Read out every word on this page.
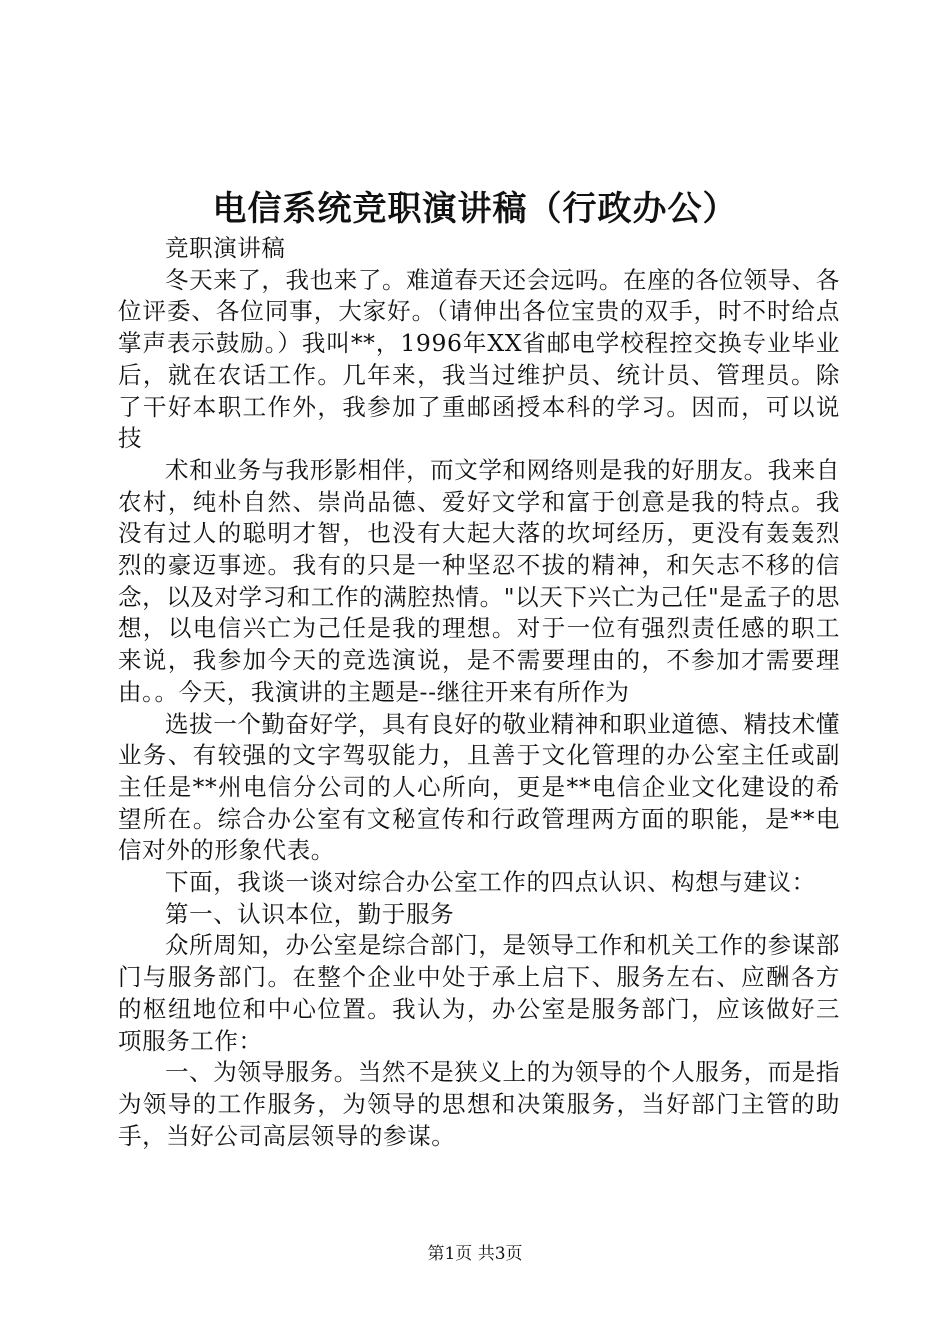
电信系统竞职演讲稿（行政办公）

竞职演讲稿

冬天来了，我也来了。难道春天还会远吗。在座的各位领导、各位评委、各位同事，大家好。（请伸出各位宝贵的双手，时不时给点掌声表示鼓励。）我叫**，1996年XX省邮电学校程控交换专业毕业后，就在农话工作。几年来，我当过维护员、统计员、管理员。除了干好本职工作外，我参加了重邮函授本科的学习。因而，可以说技

术和业务与我形影相伴，而文学和网络则是我的好朋友。我来自农村，纯朴自然、崇尚品德、爱好文学和富于创意是我的特点。我没有过人的聪明才智，也没有大起大落的坎坷经历，更没有轰轰烈烈的豪迈事迹。我有的只是一种坚忍不拔的精神，和矢志不移的信念，以及对学习和工作的满腔热情。"以天下兴亡为己任"是孟子的思想，以电信兴亡为己任是我的理想。对于一位有强烈责任感的职工来说，我参加今天的竞选演说，是不需要理由的，不参加才需要理由。。今天，我演讲的主题是--继往开来有所作为

选拔一个勤奋好学，具有良好的敬业精神和职业道德、精技术懂业务、有较强的文字驾驭能力，且善于文化管理的办公室主任或副主任是**州电信分公司的人心所向，更是**电信企业文化建设的希望所在。综合办公室有文秘宣传和行政管理两方面的职能，是**电信对外的形象代表。

下面，我谈一谈对综合办公室工作的四点认识、构想与建议：

第一、认识本位，勤于服务

众所周知，办公室是综合部门，是领导工作和机关工作的参谋部门与服务部门。在整个企业中处于承上启下、服务左右、应酬各方的枢纽地位和中心位置。我认为，办公室是服务部门，应该做好三项服务工作：

一、为领导服务。当然不是狭义上的为领导的个人服务，而是指为领导的工作服务，为领导的思想和决策服务，当好部门主管的助手，当好公司高层领导的参谋。

第1页 共3页
